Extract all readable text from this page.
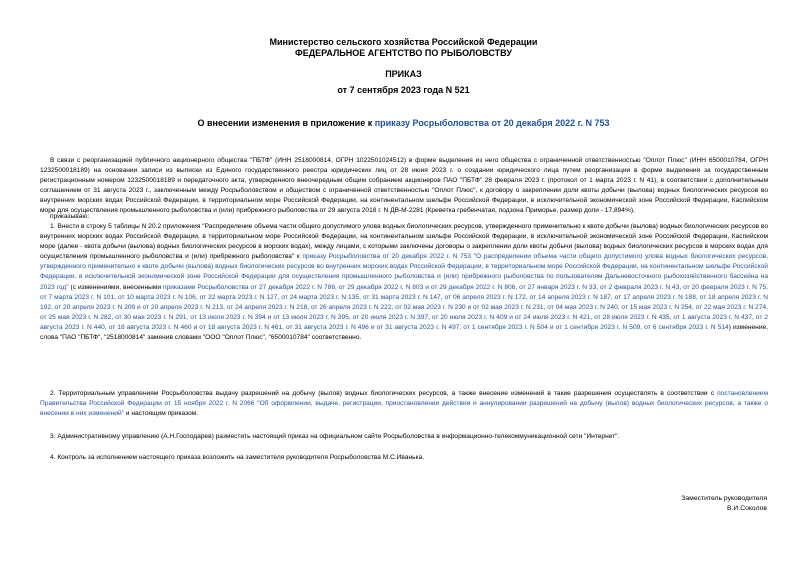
Министерство сельского хозяйства Российской Федерации
ФЕДЕРАЛЬНОЕ АГЕНТСТВО ПО РЫБОЛОВСТВУ
ПРИКАЗ
от 7 сентября 2023 года N 521
О внесении изменения в приложение к приказу Росрыболовства от 20 декабря 2022 г. N 753
В связи с реорганизацией публичного акционерного общества "ПБТФ" (ИНН 2518000814, ОГРН 1022501024512) в форме выделения из него общества с ограниченной ответственностью "Оплот Плюс" (ИНН 6500010784, ОГРН 1232500018189) на основании записи из выписки из Единого государственного реестра юридических лиц от 28 июня 2023 г. о создании юридического лица путем реорганизации в форме выделения за государственным регистрационным номером 1232500018189 и передаточного акта, утвержденного внеочередным общим собранием акционеров ПАО "ПБТФ" 28 февраля 2023 г. (протокол от 1 марта 2023 г. N 41), в соответствии с дополнительным соглашением от 31 августа 2023 г., заключенным между Росрыболовством и обществом с ограниченной ответственностью "Оплот Плюс", к договору о закреплении доли квоты добычи (вылова) водных биологических ресурсов во внутренних морских водах Российской Федерации, в территориальном море Российской Федерации, на континентальном шельфе Российской Федерации, в исключительной экономической зоне Российской Федерации, Каспийском море для осуществления промышленного рыболовства и (или) прибрежного рыболовства от 29 августа 2018 г. N ДВ-М-2281 (Креветка гребенчатая, подзона Приморье, размер доли - 17,894%),
приказываю:
1. Внести в строку 5 таблицы N 20.2 приложения "Распределение объема части общего допустимого улова водных биологических ресурсов, утвержденного применительно к квоте добычи (вылова) водных биологических ресурсов во внутренних морских водах Российской Федерации, в территориальном море Российской Федерации, на континентальном шельфе Российской Федерации, в исключительной экономической зоне Российской Федерации, Каспийском море (далее - квота добычи (вылова) водных биологических ресурсов в морских водах), между лицами, с которыми заключены договоры о закреплении доли квоты добычи (вылова) водных биологических ресурсов в морских водах для осуществления промышленного рыболовства и (или) прибрежного рыболовства" к приказу Росрыболовства от 20 декабря 2022 г. N 753 "О распределении объема части общего допустимого улова водных биологических ресурсов, утвержденного применительно к квоте добычи (вылова) водных биологических ресурсов во внутренних морских водах Российской Федерации, в территориальном море Российской Федерации, на континентальном шельфе Российской Федерации, в исключительной экономической зоне Российской Федерации для осуществления промышленного рыболовства и (или) прибрежного рыболовства по пользователям Дальневосточного рыбохозяйственного бассейна на 2023 год" (с изменениями, внесенными приказами Росрыболовства от 27 декабря 2022 г. N 786, от 29 декабря 2022 г. N 803 и от 29 декабря 2022 г. N 806, от 27 января 2023 г. N 33, от 2 февраля 2023 г. N 43, от 20 февраля 2023 г. N 75, от 7 марта 2023 г. N 101, от 10 марта 2023 г. N 106, от 22 марта 2023 г. N 127, от 24 марта 2023 г. N 135, от 31 марта 2023 г. N 147, от 06 апреля 2023 г. N 172, от 14 апреля 2023 г. N 187, от 17 апреля 2023 г. N 188, от 18 апреля 2023 г. N 192, от 20 апреля 2023 г. N 209 и от 20 апреля 2023 г. N 213, от 24 апреля 2023 г. N 218, от 26 апреля 2023 г. N 222, от 02 мая 2023 г. N 230 и от 02 мая 2023 г. N 231, от 04 мая 2023 г. N 240, от 15 мая 2023 г. N 254, от 22 мая 2023 г. N 274, от 25 мая 2023 г. N 282, от 30 мая 2023 г. N 291, от 13 июля 2023 г. N 394 и от 13 июля 2023 г. N 395, от 20 июля 2023 г. N 397, от 20 июля 2023 г. N 409 и от 24 июля 2023 г. N 421, от 28 июля 2023 г. N 435, от 1 августа 2023 г. N 437, от 2 августа 2023 г. N 440, от 18 августа 2023 г. N 460 и от 18 августа 2023 г. N 461, от 31 августа 2023 г. N 496 и от 31 августа 2023 г. N 497, от 1 сентября 2023 г. N 504 и от 1 сентября 2023 г. N 509, от 6 сентября 2023 г. N 514) изменение, слова "ПАО "ПБТФ", "2518000814" заменив словами "ООО "Оплот Плюс", "6500010784" соответственно.
2. Территориальным управлениям Росрыболовства выдачу разрешений на добычу (вылов) водных биологических ресурсов, а также внесение изменений в такие разрешения осуществлять в соответствии с постановлением Правительства Российской Федерации от 15 ноября 2022 г. N 2066 "Об оформлении, выдаче, регистрации, приостановлении действия и аннулировании разрешений на добычу (вылов) водных биологических ресурсов, а также о внесении в них изменений" и настоящим приказом.
3. Административному управлению (А.Н.Господарев) разместить настоящий приказ на официальном сайте Росрыболовства в информационно-телекоммуникационной сети "Интернет".
4. Контроль за исполнением настоящего приказа возложить на заместителя руководителя Росрыболовства М.С.Иванька.
Заместитель руководителя
В.И.Соколов
